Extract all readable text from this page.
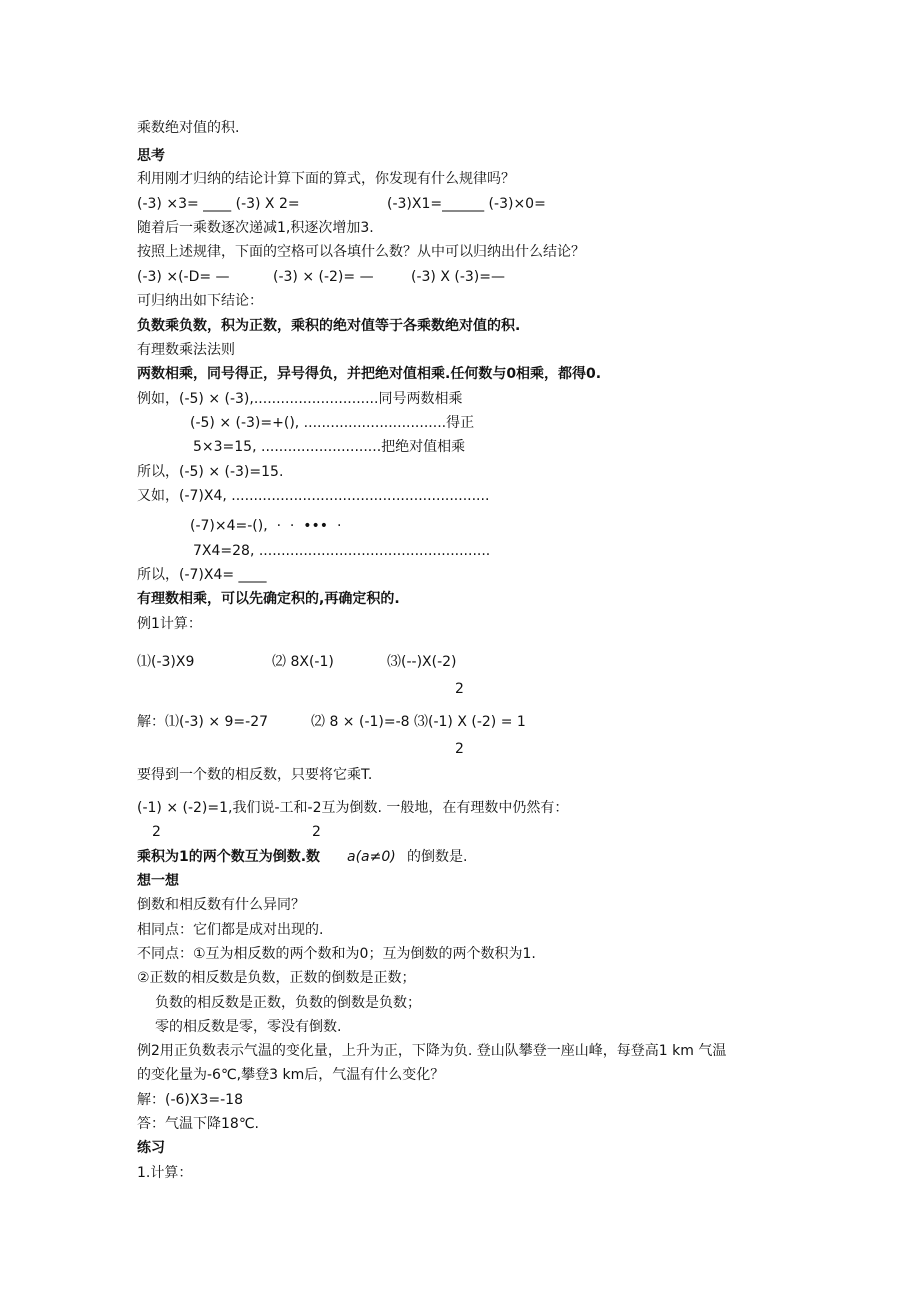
乘数绝对值的积.
思考
利用刚才归纳的结论计算下面的算式，你发现有什么规律吗？
(-3) ×3= ____ (-3) X 2=	(-3)X1=______ (-3)×0=
随着后一乘数逐次递减1,积逐次增加3.
按照上述规律，下面的空格可以各填什么数？从中可以归纳出什么结论？
(-3) ×(-D= —	(-3) × (-2)= —	(-3) X (-3)=—
可归纳出如下结论：
负数乘负数，积为正数，乘积的绝对值等于各乘数绝对值的积.
有理数乘法法则
两数相乘，同号得正，异号得负，并把绝对值相乘.任何数与0相乘，都得0.
例如，(-5) × (-3),............................同号两数相乘
(-5) × (-3)=+(), ................................得正
5×3=15, ...........................把绝对值相乘
所以，(-5) × (-3)=15.
又如，(-7)X4, ..........................................................
(-7)×4=-(),  ·  ·  •••  ·
7X4=28, ....................................................
所以，(-7)X4= ____
有理数相乘，可以先确定积的,再确定积的.
例1计算：
⑴(-3)X9	⑵ 8X(-1)	⑶(--)X(-2)
2
解：⑴(-3) × 9=-27	⑵ 8 × (-1)=-8 ⑶(-1) X (-2) = 1
2
要得到一个数的相反数，只要将它乘T.
(-1) × (-2)=1,我们说-工和-2互为倒数. 一般地，在有理数中仍然有：
2	2
乘积为1的两个数互为倒数.数 a(a≠0) 的倒数是.
想一想
倒数和相反数有什么异同？
相同点：它们都是成对出现的.
不同点：①互为相反数的两个数和为0；互为倒数的两个数积为1.
②正数的相反数是负数，正数的倒数是正数；
负数的相反数是正数，负数的倒数是负数；
零的相反数是零，零没有倒数.
例2用正负数表示气温的变化量，上升为正，下降为负. 登山队攀登一座山峰，每登高1 km 气温
的变化量为-6℃,攀登3 km后，气温有什么变化？
解：(-6)X3=-18
答：气温下降18℃.
练习
1.计算：
